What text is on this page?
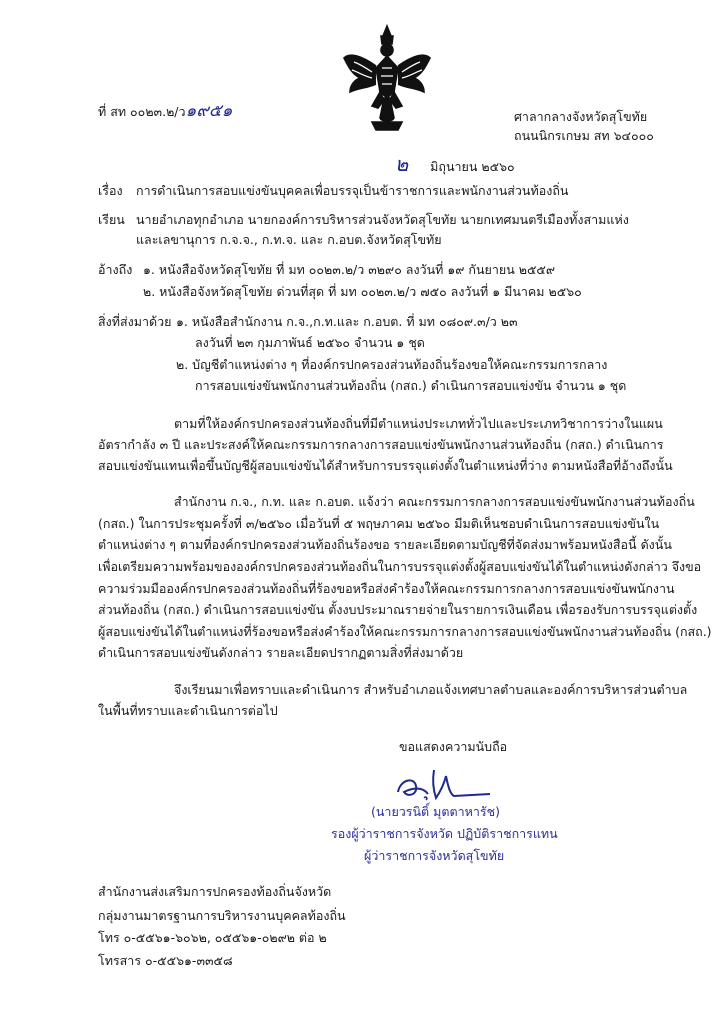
ที่ สท ๐๐๒๓.๒/ว๑๙๕๑	ศาลากลางจังหวัดสุโขทัย
ถนนนิกรเกษม สท ๖๔๐๐๐
๒ มิถุนายน ๒๕๖๐
เรื่อง การดำเนินการสอบแข่งขันบุคคลเพื่อบรรจุเป็นข้าราชการและพนักงานส่วนท้องถิ่น
เรียน นายอำเภอทุกอำเภอ นายกองค์การบริหารส่วนจังหวัดสุโขทัย นายกเทศมนตรีเมืองทั้งสามแห่ง
และเลขานุการ ก.จ.จ., ก.ท.จ. และ ก.อบต.จังหวัดสุโขทัย
อ้างถึง ๑. หนังสือจังหวัดสุโขทัย ที่ มท ๐๐๒๓.๒/ว ๓๒๙๐ ลงวันที่ ๑๙ กันยายน ๒๕๕๙
๒. หนังสือจังหวัดสุโขทัย ด่วนที่สุด ที่ มท ๐๐๒๓.๒/ว ๗๕๐ ลงวันที่ ๑ มีนาคม ๒๕๖๐
สิ่งที่ส่งมาด้วย ๑. หนังสือสำนักงาน ก.จ.,ก.ท.และ ก.อบต. ที่ มท ๐๘๐๙.๓/ว ๒๓
ลงวันที่ ๒๓ กุมภาพันธ์ ๒๕๖๐ จำนวน ๑ ชุด
๒. บัญชีตำแหน่งต่าง ๆ ที่องค์กรปกครองส่วนท้องถิ่นร้องขอให้คณะกรรมการกลาง
การสอบแข่งขันพนักงานส่วนท้องถิ่น (กสถ.) ดำเนินการสอบแข่งขัน จำนวน ๑ ชุด
ตามที่ให้องค์กรปกครองส่วนท้องถิ่นที่มีตำแหน่งประเภททั่วไปและประเภทวิชาการว่างในแผน
อัตรากำลัง ๓ ปี และประสงค์ให้คณะกรรมการกลางการสอบแข่งขันพนักงานส่วนท้องถิ่น (กสถ.) ดำเนินการ
สอบแข่งขันแทนเพื่อขึ้นบัญชีผู้สอบแข่งขันได้สำหรับการบรรจุแต่งตั้งในตำแหน่งที่ว่าง ตามหนังสือที่อ้างถึงนั้น
สำนักงาน ก.จ., ก.ท. และ ก.อบต. แจ้งว่า คณะกรรมการกลางการสอบแข่งขันพนักงานส่วนท้องถิ่น
(กสถ.) ในการประชุมครั้งที่ ๓/๒๕๖๐ เมื่อวันที่ ๕ พฤษภาคม ๒๕๖๐ มีมติเห็นชอบดำเนินการสอบแข่งขันใน
ตำแหน่งต่าง ๆ ตามที่องค์กรปกครองส่วนท้องถิ่นร้องขอ รายละเอียดตามบัญชีที่จัดส่งมาพร้อมหนังสือนี้ ดังนั้น
เพื่อเตรียมความพร้อมขององค์กรปกครองส่วนท้องถิ่นในการบรรจุแต่งตั้งผู้สอบแข่งขันได้ในตำแหน่งดังกล่าว จึงขอ
ความร่วมมือองค์กรปกครองส่วนท้องถิ่นที่ร้องขอหรือส่งคำร้องให้คณะกรรมการกลางการสอบแข่งขันพนักงาน
ส่วนท้องถิ่น (กสถ.) ดำเนินการสอบแข่งขัน ตั้งงบประมาณรายจ่ายในรายการเงินเดือน เพื่อรองรับการบรรจุแต่งตั้ง
ผู้สอบแข่งขันได้ในตำแหน่งที่ร้องขอหรือส่งคำร้องให้คณะกรรมการกลางการสอบแข่งขันพนักงานส่วนท้องถิ่น (กสถ.)
ดำเนินการสอบแข่งขันดังกล่าว รายละเอียดปรากฏตามสิ่งที่ส่งมาด้วย
จึงเรียนมาเพื่อทราบและดำเนินการ สำหรับอำเภอแจ้งเทศบาลตำบลและองค์การบริหารส่วนตำบล
ในพื้นที่ทราบและดำเนินการต่อไป
ขอแสดงความนับถือ
(นายวรนิติ์ มุตตาหารัช)
รองผู้ว่าราชการจังหวัด ปฏิบัติราชการแทน
ผู้ว่าราชการจังหวัดสุโขทัย
สำนักงานส่งเสริมการปกครองท้องถิ่นจังหวัด
กลุ่มงานมาตรฐานการบริหารงานบุคคลท้องถิ่น
โทร ๐-๕๕๖๑-๖๐๖๒, ๐๕๕๖๑-๐๒๙๒ ต่อ ๒
โทรสาร ๐-๕๕๖๑-๓๓๕๘
